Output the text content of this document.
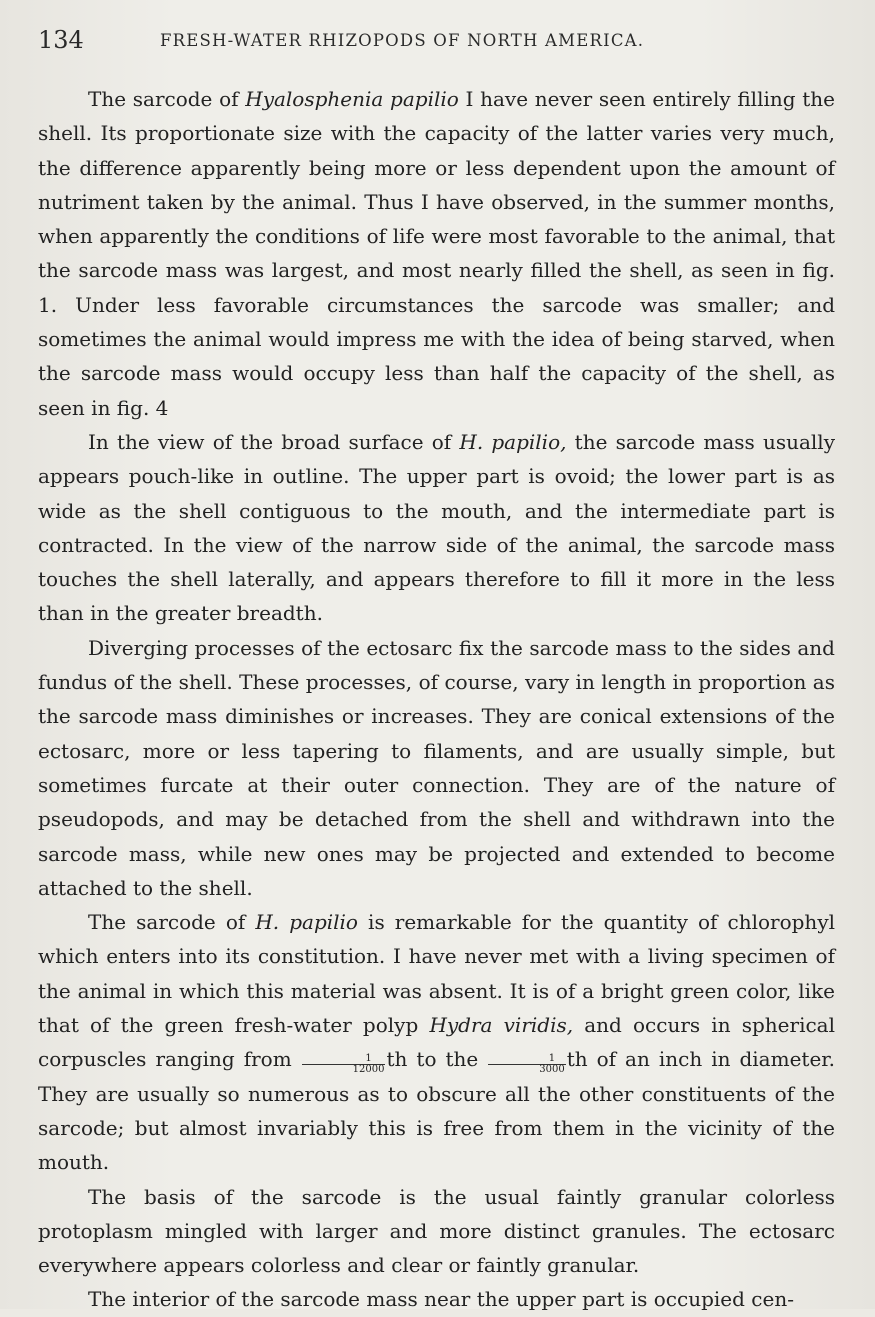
134	FRESH-WATER RHIZOPODS OF NORTH AMERICA.

The sarcode of Hyalosphenia papilio I have never seen entirely filling the shell. Its proportionate size with the capacity of the latter varies very much, the difference apparently being more or less dependent upon the amount of nutriment taken by the animal. Thus I have observed, in the summer months, when apparently the conditions of life were most favorable to the animal, that the sarcode mass was largest, and most nearly filled the shell, as seen in fig. 1. Under less favorable circumstances the sarcode was smaller; and sometimes the animal would impress me with the idea of being starved, when the sarcode mass would occupy less than half the capacity of the shell, as seen in fig. 4

In the view of the broad surface of H. papilio, the sarcode mass usually appears pouch-like in outline. The upper part is ovoid; the lower part is as wide as the shell contiguous to the mouth, and the intermediate part is contracted. In the view of the narrow side of the animal, the sarcode mass touches the shell laterally, and appears therefore to fill it more in the less than in the greater breadth.

Diverging processes of the ectosarc fix the sarcode mass to the sides and fundus of the shell. These processes, of course, vary in length in proportion as the sarcode mass diminishes or increases. They are conical extensions of the ectosarc, more or less tapering to filaments, and are usually simple, but sometimes furcate at their outer connection. They are of the nature of pseudopods, and may be detached from the shell and withdrawn into the sarcode mass, while new ones may be projected and extended to become attached to the shell.

The sarcode of H. papilio is remarkable for the quantity of chlorophyl which enters into its constitution. I have never met with a living specimen of the animal in which this material was absent. It is of a bright green color, like that of the green fresh-water polyp Hydra viridis, and occurs in spherical corpuscles ranging from $\frac{1}{12000}$ th to the $\frac{1}{3000}$ th of an inch in diameter. They are usually so numerous as to obscure all the other constituents of the sarcode; but almost invariably this is free from them in the vicinity of the mouth.

The basis of the sarcode is the usual faintly granular colorless protoplasm mingled with larger and more distinct granules. The ectosarc everywhere appears colorless and clear or faintly granular.

The interior of the sarcode mass near the upper part is occupied cen-
